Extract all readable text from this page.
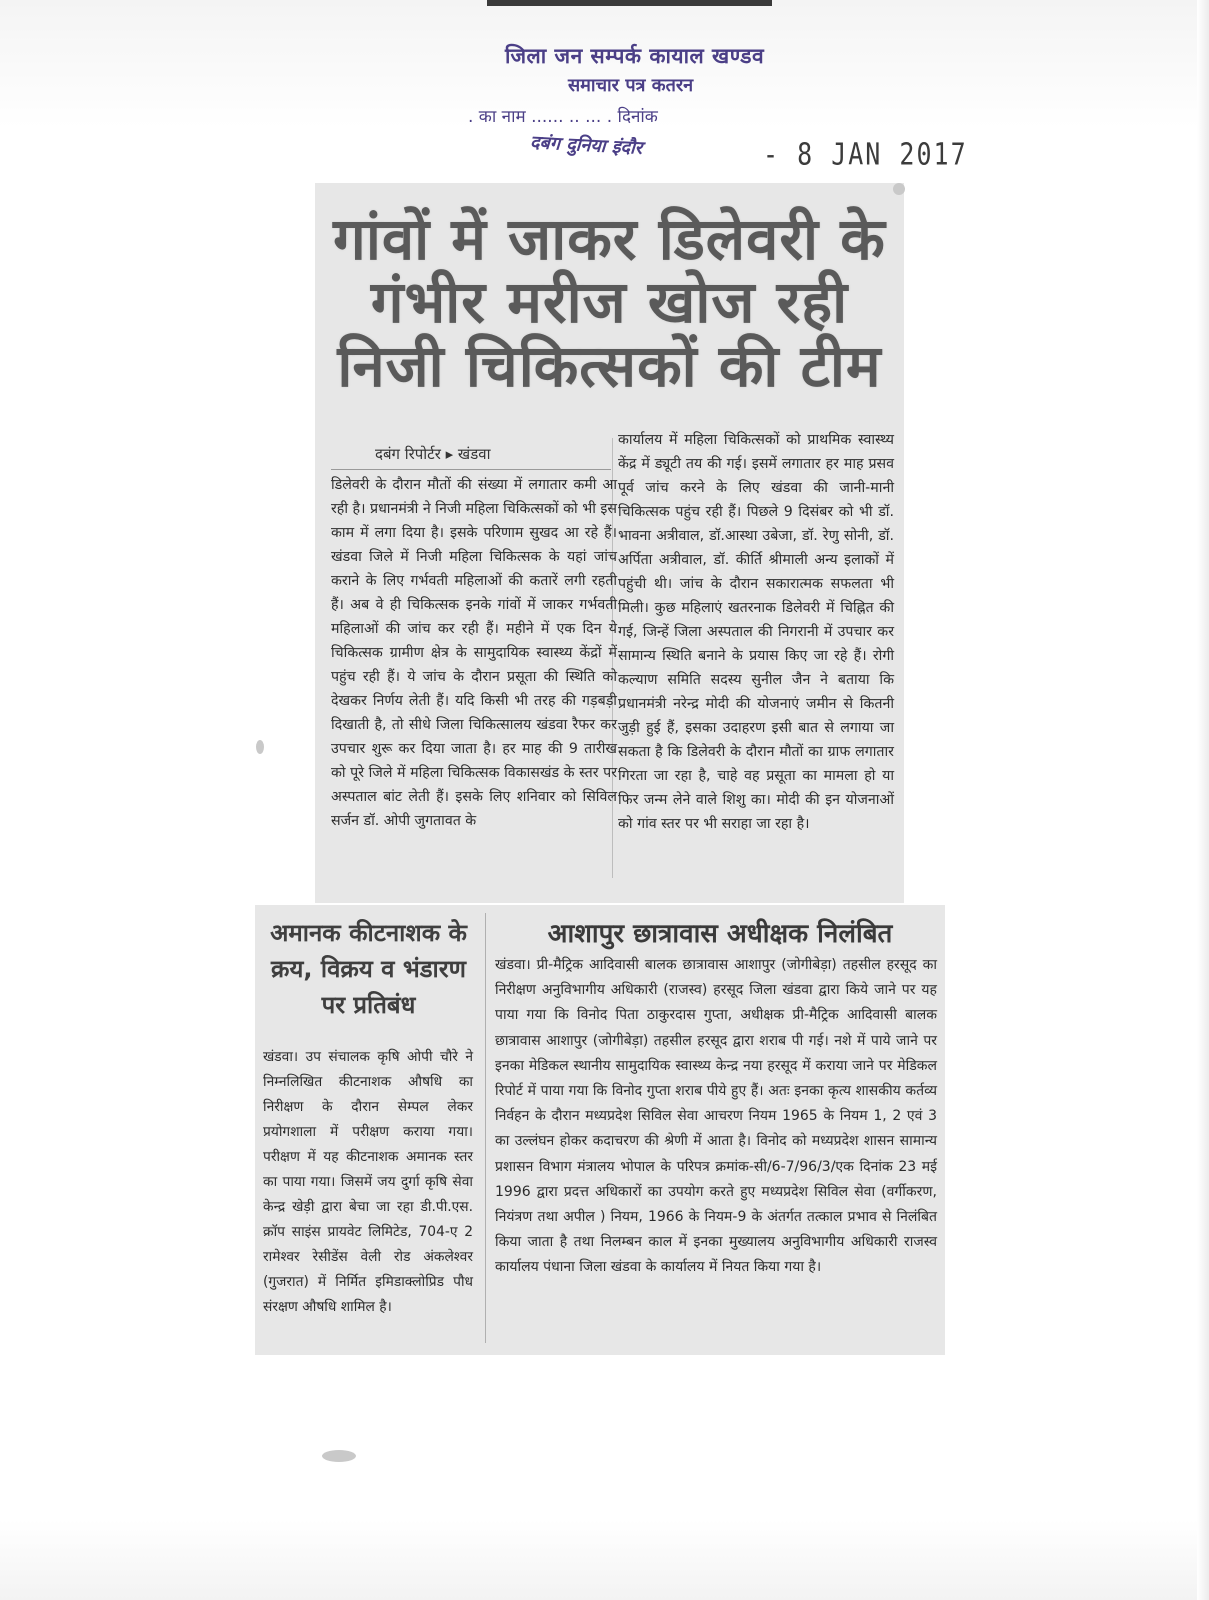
जिला जन सम्पर्क कायाल खण्डव
समाचार पत्र कतरन
. का नाम ...... .. ... . दिनांक
दबंग दुनिया इंदौर	- 8 JAN 2017
गांवों में जाकर डिलेवरी के
गंभीर मरीज खोज रही
निजी चिकित्सकों की टीम
दबंग रिपोर्टर ▸ खंडवा
डिलेवरी के दौरान मौतों की संख्या में लगातार कमी आ रही है। प्रधानमंत्री ने निजी महिला चिकित्सकों को भी इस काम में लगा दिया है। इसके परिणाम सुखद आ रहे हैं। खंडवा जिले में निजी महिला चिकित्सक के यहां जांच कराने के लिए गर्भवती महिलाओं की कतारें लगी रहती हैं। अब वे ही चिकित्सक इनके गांवों में जाकर गर्भवती महिलाओं की जांच कर रही हैं। महीने में एक दिन ये चिकित्सक ग्रामीण क्षेत्र के सामुदायिक स्वास्थ्य केंद्रों में पहुंच रही हैं। ये जांच के दौरान प्रसूता की स्थिति को देखकर निर्णय लेती हैं। यदि किसी भी तरह की गड़बड़ी दिखाती है, तो सीधे जिला चिकित्सालय खंडवा रैफर कर उपचार शुरू कर दिया जाता है। हर माह की 9 तारीख को पूरे जिले में महिला चिकित्सक विकासखंड के स्तर पर अस्पताल बांट लेती हैं। इसके लिए शनिवार को सिविल सर्जन डॉ. ओपी जुगतावत के
कार्यालय में महिला चिकित्सकों को प्राथमिक स्वास्थ्य केंद्र में ड्यूटी तय की गई। इसमें लगातार हर माह प्रसव पूर्व जांच करने के लिए खंडवा की जानी-मानी चिकित्सक पहुंच रही हैं। पिछले 9 दिसंबर को भी डॉ. भावना अत्रीवाल, डॉ.आस्था उबेजा, डॉ. रेणु सोनी, डॉ. अर्पिता अत्रीवाल, डॉ. कीर्ति श्रीमाली अन्य इलाकों में पहुंची थी। जांच के दौरान सकारात्मक सफलता भी मिली। कुछ महिलाएं खतरनाक डिलेवरी में चिह्नित की गई, जिन्हें जिला अस्पताल की निगरानी में उपचार कर सामान्य स्थिति बनाने के प्रयास किए जा रहे हैं। रोगी कल्याण समिति सदस्य सुनील जैन ने बताया कि प्रधानमंत्री नरेन्द्र मोदी की योजनाएं जमीन से कितनी जुड़ी हुई हैं, इसका उदाहरण इसी बात से लगाया जा सकता है कि डिलेवरी के दौरान मौतों का ग्राफ लगातार गिरता जा रहा है, चाहे वह प्रसूता का मामला हो या फिर जन्म लेने वाले शिशु का। मोदी की इन योजनाओं को गांव स्तर पर भी सराहा जा रहा है।
अमानक कीटनाशक के क्रय, विक्रय व भंडारण पर प्रतिबंध
खंडवा। उप संचालक कृषि ओपी चौरे ने निम्नलिखित कीटनाशक औषधि का निरीक्षण के दौरान सेम्पल लेकर प्रयोगशाला में परीक्षण कराया गया। परीक्षण में यह कीटनाशक अमानक स्तर का पाया गया। जिसमें जय दुर्गा कृषि सेवा केन्द्र खेड़ी द्वारा बेचा जा रहा डी.पी.एस. क्रॉप साइंस प्रायवेट लिमिटेड, 704-ए 2 रामेश्वर रेसीडेंस वेली रोड अंकलेश्वर (गुजरात) में निर्मित इमिडाक्लोप्रिड पौध संरक्षण औषधि शामिल है।
आशापुर छात्रावास अधीक्षक निलंबित
खंडवा। प्री-मैट्रिक आदिवासी बालक छात्रावास आशापुर (जोगीबेड़ा) तहसील हरसूद का निरीक्षण अनुविभागीय अधिकारी (राजस्व) हरसूद जिला खंडवा द्वारा किये जाने पर यह पाया गया कि विनोद पिता ठाकुरदास गुप्ता, अधीक्षक प्री-मैट्रिक आदिवासी बालक छात्रावास आशापुर (जोगीबेड़ा) तहसील हरसूद द्वारा शराब पी गई। नशे में पाये जाने पर इनका मेडिकल स्थानीय सामुदायिक स्वास्थ्य केन्द्र नया हरसूद में कराया जाने पर मेडिकल रिपोर्ट में पाया गया कि विनोद गुप्ता शराब पीये हुए हैं। अतः इनका कृत्य शासकीय कर्तव्य निर्वहन के दौरान मध्यप्रदेश सिविल सेवा आचरण नियम 1965 के नियम 1, 2 एवं 3 का उल्लंघन होकर कदाचरण की श्रेणी में आता है। विनोद को मध्यप्रदेश शासन सामान्य प्रशासन विभाग मंत्रालय भोपाल के परिपत्र क्रमांक-सी/6-7/96/3/एक दिनांक 23 मई 1996 द्वारा प्रदत्त अधिकारों का उपयोग करते हुए मध्यप्रदेश सिविल सेवा (वर्गीकरण, नियंत्रण तथा अपील ) नियम, 1966 के नियम-9 के अंतर्गत तत्काल प्रभाव से निलंबित किया जाता है तथा निलम्बन काल में इनका मुख्यालय अनुविभागीय अधिकारी राजस्व कार्यालय पंधाना जिला खंडवा के कार्यालय में नियत किया गया है।
